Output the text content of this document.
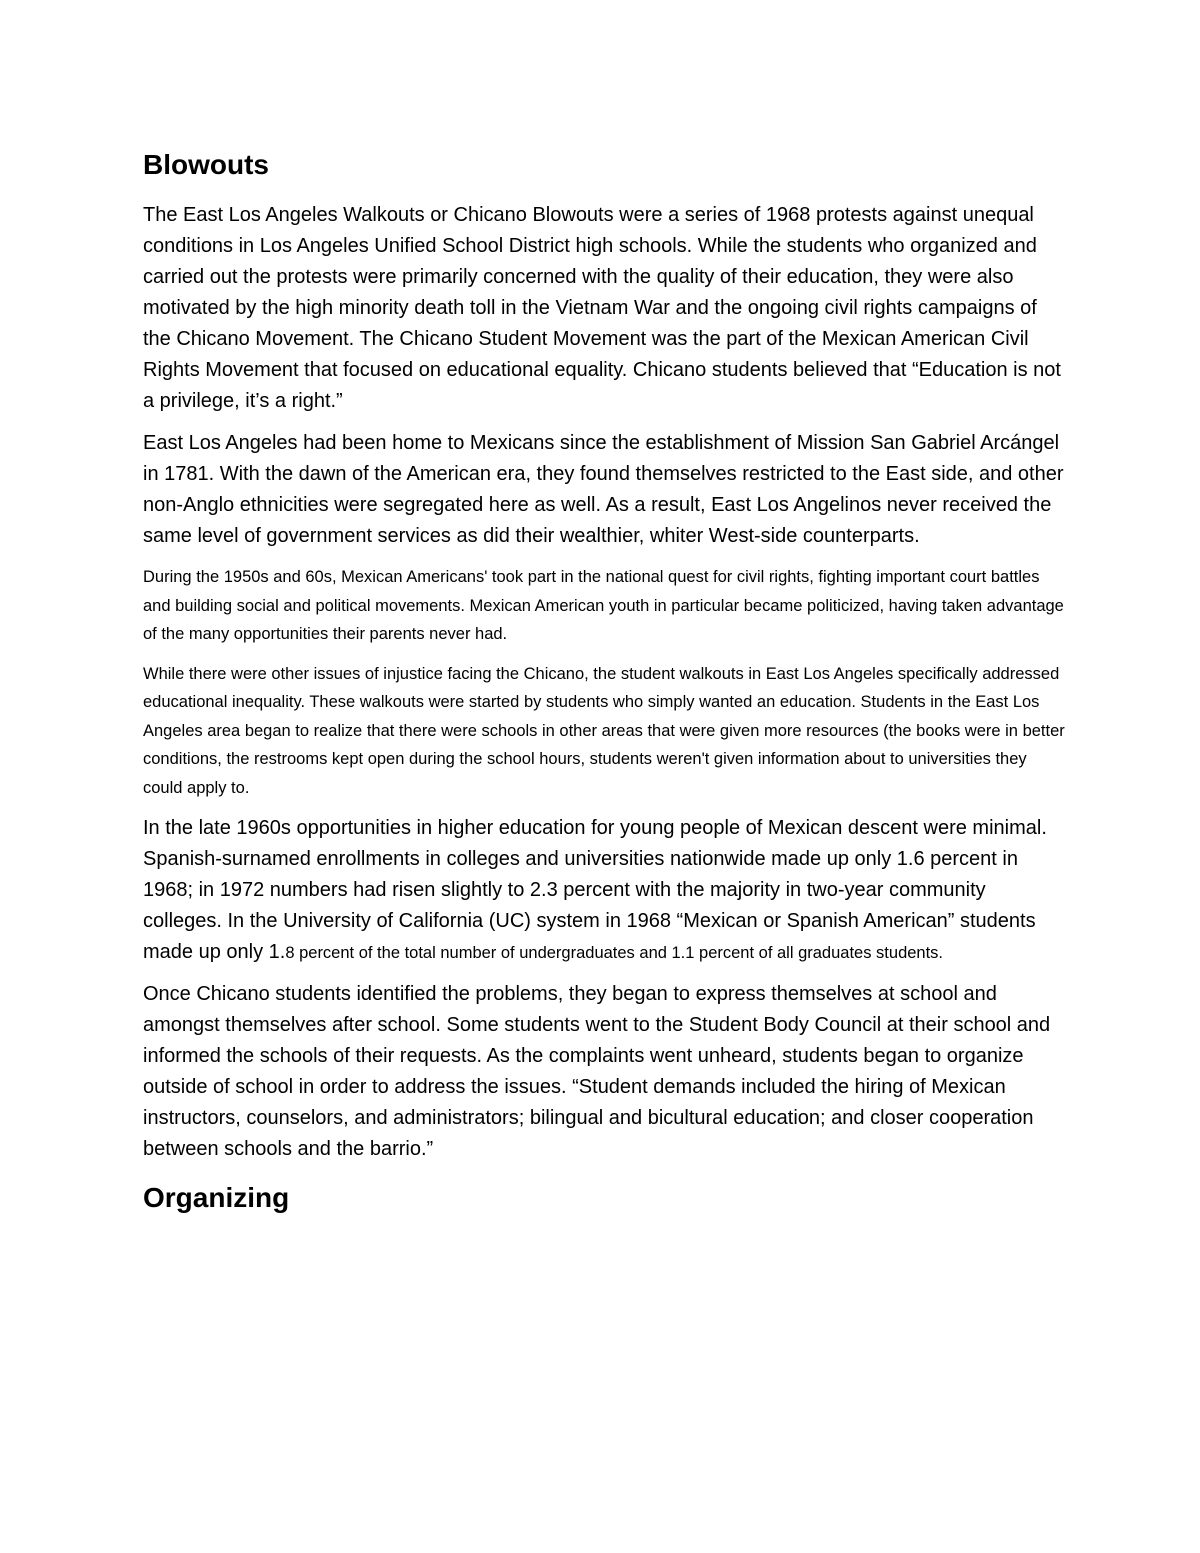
Blowouts

The East Los Angeles Walkouts or Chicano Blowouts were a series of 1968 protests against unequal conditions in Los Angeles Unified School District high schools. While the students who organized and carried out the protests were primarily concerned with the quality of their education, they were also motivated by the high minority death toll in the Vietnam War and the ongoing civil rights campaigns of the Chicano Movement. The Chicano Student Movement was the part of the Mexican American Civil Rights Movement that focused on educational equality. Chicano students believed that “Education is not a privilege, it’s a right.”

East Los Angeles had been home to Mexicans since the establishment of Mission San Gabriel Arcángel in 1781. With the dawn of the American era, they found themselves restricted to the East side, and other non-Anglo ethnicities were segregated here as well. As a result, East Los Angelinos never received the same level of government services as did their wealthier, whiter West-side counterparts.

During the 1950s and 60s, Mexican Americans' took part in the national quest for civil rights, fighting important court battles and building social and political movements. Mexican American youth in particular became politicized, having taken advantage of the many opportunities their parents never had.

While there were other issues of injustice facing the Chicano, the student walkouts in East Los Angeles specifically addressed educational inequality. These walkouts were started by students who simply wanted an education. Students in the East Los Angeles area began to realize that there were schools in other areas that were given more resources (the books were in better conditions, the restrooms kept open during the school hours, students weren't given information about to universities they could apply to.

In the late 1960s opportunities in higher education for young people of Mexican descent were minimal. Spanish-surnamed enrollments in colleges and universities nationwide made up only 1.6 percent in 1968; in 1972 numbers had risen slightly to 2.3 percent with the majority in two-year community colleges. In the University of California (UC) system in 1968 “Mexican or Spanish American” students made up only 1.8 percent of the total number of undergraduates and 1.1 percent of all graduates students.

Once Chicano students identified the problems, they began to express themselves at school and amongst themselves after school. Some students went to the Student Body Council at their school and informed the schools of their requests. As the complaints went unheard, students began to organize outside of school in order to address the issues. “Student demands included the hiring of Mexican instructors, counselors, and administrators; bilingual and bicultural education; and closer cooperation between schools and the barrio.”

Organizing
